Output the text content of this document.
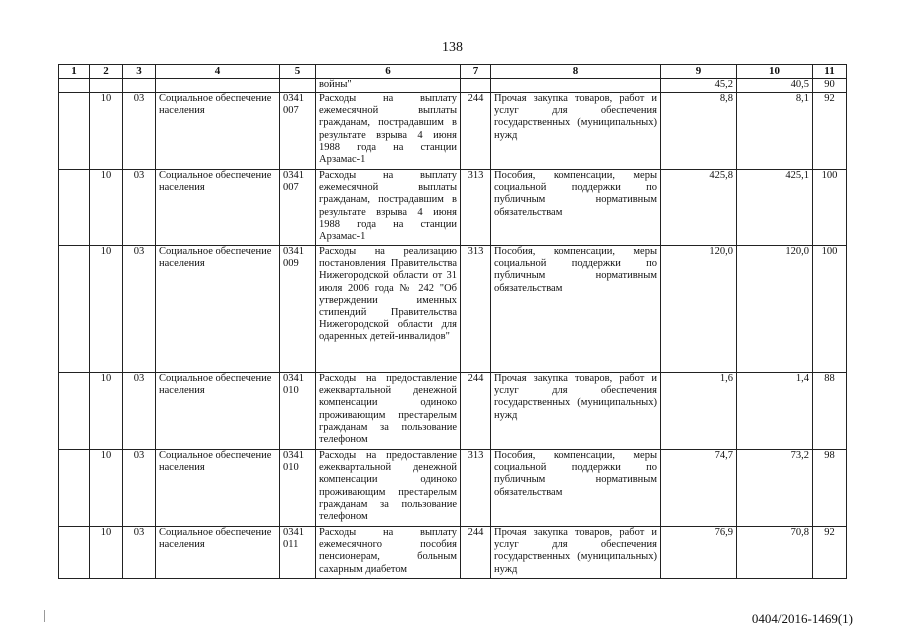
138
1	2	3	4	5	6	7	8	9	10	11
					войны"			45,2	40,5	90
	10	03	Социальное обеспечение населения	0341 007	Расходы на выплату ежемесячной выплаты гражданам, пострадавшим в результате взрыва 4 июня 1988 года на станции Арзамас-1	244	Прочая закупка товаров, работ и услуг для обеспечения государственных (муниципальных) нужд	8,8	8,1	92
	10	03	Социальное обеспечение населения	0341 007	Расходы на выплату ежемесячной выплаты гражданам, пострадавшим в результате взрыва 4 июня 1988 года на станции Арзамас-1	313	Пособия, компенсации, меры социальной поддержки по публичным нормативным обязательствам	425,8	425,1	100
	10	03	Социальное обеспечение населения	0341 009	Расходы на реализацию постановления Правительства Нижегородской области от 31 июля 2006 года № 242 "Об утверждении именных стипендий Правительства Нижегородской области для одаренных детей-инвалидов"	313	Пособия, компенсации, меры социальной поддержки по публичным нормативным обязательствам	120,0	120,0	100
	10	03	Социальное обеспечение населения	0341 010	Расходы на предоставление ежеквартальной денежной компенсации одиноко проживающим престарелым гражданам за пользование телефоном	244	Прочая закупка товаров, работ и услуг для обеспечения государственных (муниципальных) нужд	1,6	1,4	88
	10	03	Социальное обеспечение населения	0341 010	Расходы на предоставление ежеквартальной денежной компенсации одиноко проживающим престарелым гражданам за пользование телефоном	313	Пособия, компенсации, меры социальной поддержки по публичным нормативным обязательствам	74,7	73,2	98
	10	03	Социальное обеспечение населения	0341 011	Расходы на выплату ежемесячного пособия пенсионерам, больным сахарным диабетом	244	Прочая закупка товаров, работ и услуг для обеспечения государственных (муниципальных) нужд	76,9	70,8	92
0404/2016-1469(1)
